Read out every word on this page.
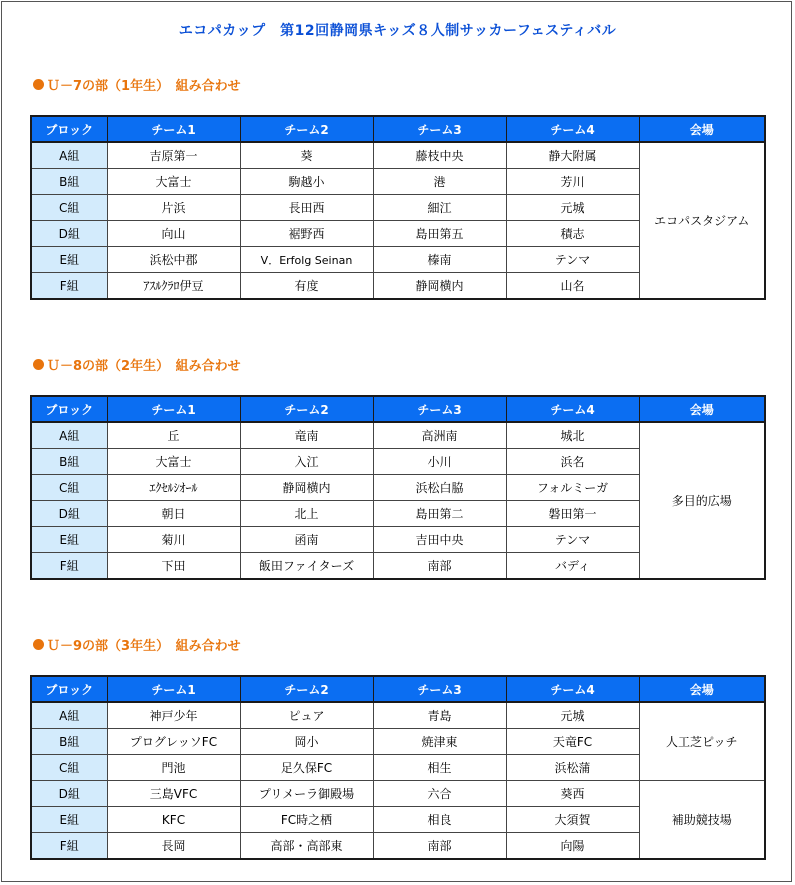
エコパカップ　第12回静岡県キッズ８人制サッカーフェスティバル
Ｕ－7の部（1年生）　組み合わせ
ブロック	チーム1	チーム2	チーム3	チーム4	会場
A組	吉原第一	葵	藤枝中央	静大附属	エコパスタジアム
B組	大富士	駒越小	港	芳川	
C組	片浜	長田西	細江	元城	
D組	向山	裾野西	島田第五	積志	
E組	浜松中郡	V．Erfolg Seinan	榛南	テンマ	
F組	ｱｽﾙｸﾗﾛ伊豆	有度	静岡横内	山名	
Ｕ－8の部（2年生）　組み合わせ
ブロック	チーム1	チーム2	チーム3	チーム4	会場
A組	丘	竜南	高洲南	城北	多目的広場
B組	大富士	入江	小川	浜名	
C組	ｴｸｾﾙｼｵｰﾙ	静岡横内	浜松白脇	フォルミーガ	
D組	朝日	北上	島田第二	磐田第一	
E組	菊川	函南	吉田中央	テンマ	
F組	下田	飯田ファイターズ	南部	バディ	
Ｕ－9の部（3年生）　組み合わせ
ブロック	チーム1	チーム2	チーム3	チーム4	会場
A組	神戸少年	ピュア	青島	元城	人工芝ピッチ
B組	プログレッソFC	岡小	焼津東	天竜FC	
C組	門池	足久保FC	相生	浜松蒲	
D組	三島VFC	プリメーラ御殿場	六合	葵西	補助競技場
E組	KFC	FC時之栖	相良	大須賀	
F組	長岡	高部・高部東	南部	向陽	
